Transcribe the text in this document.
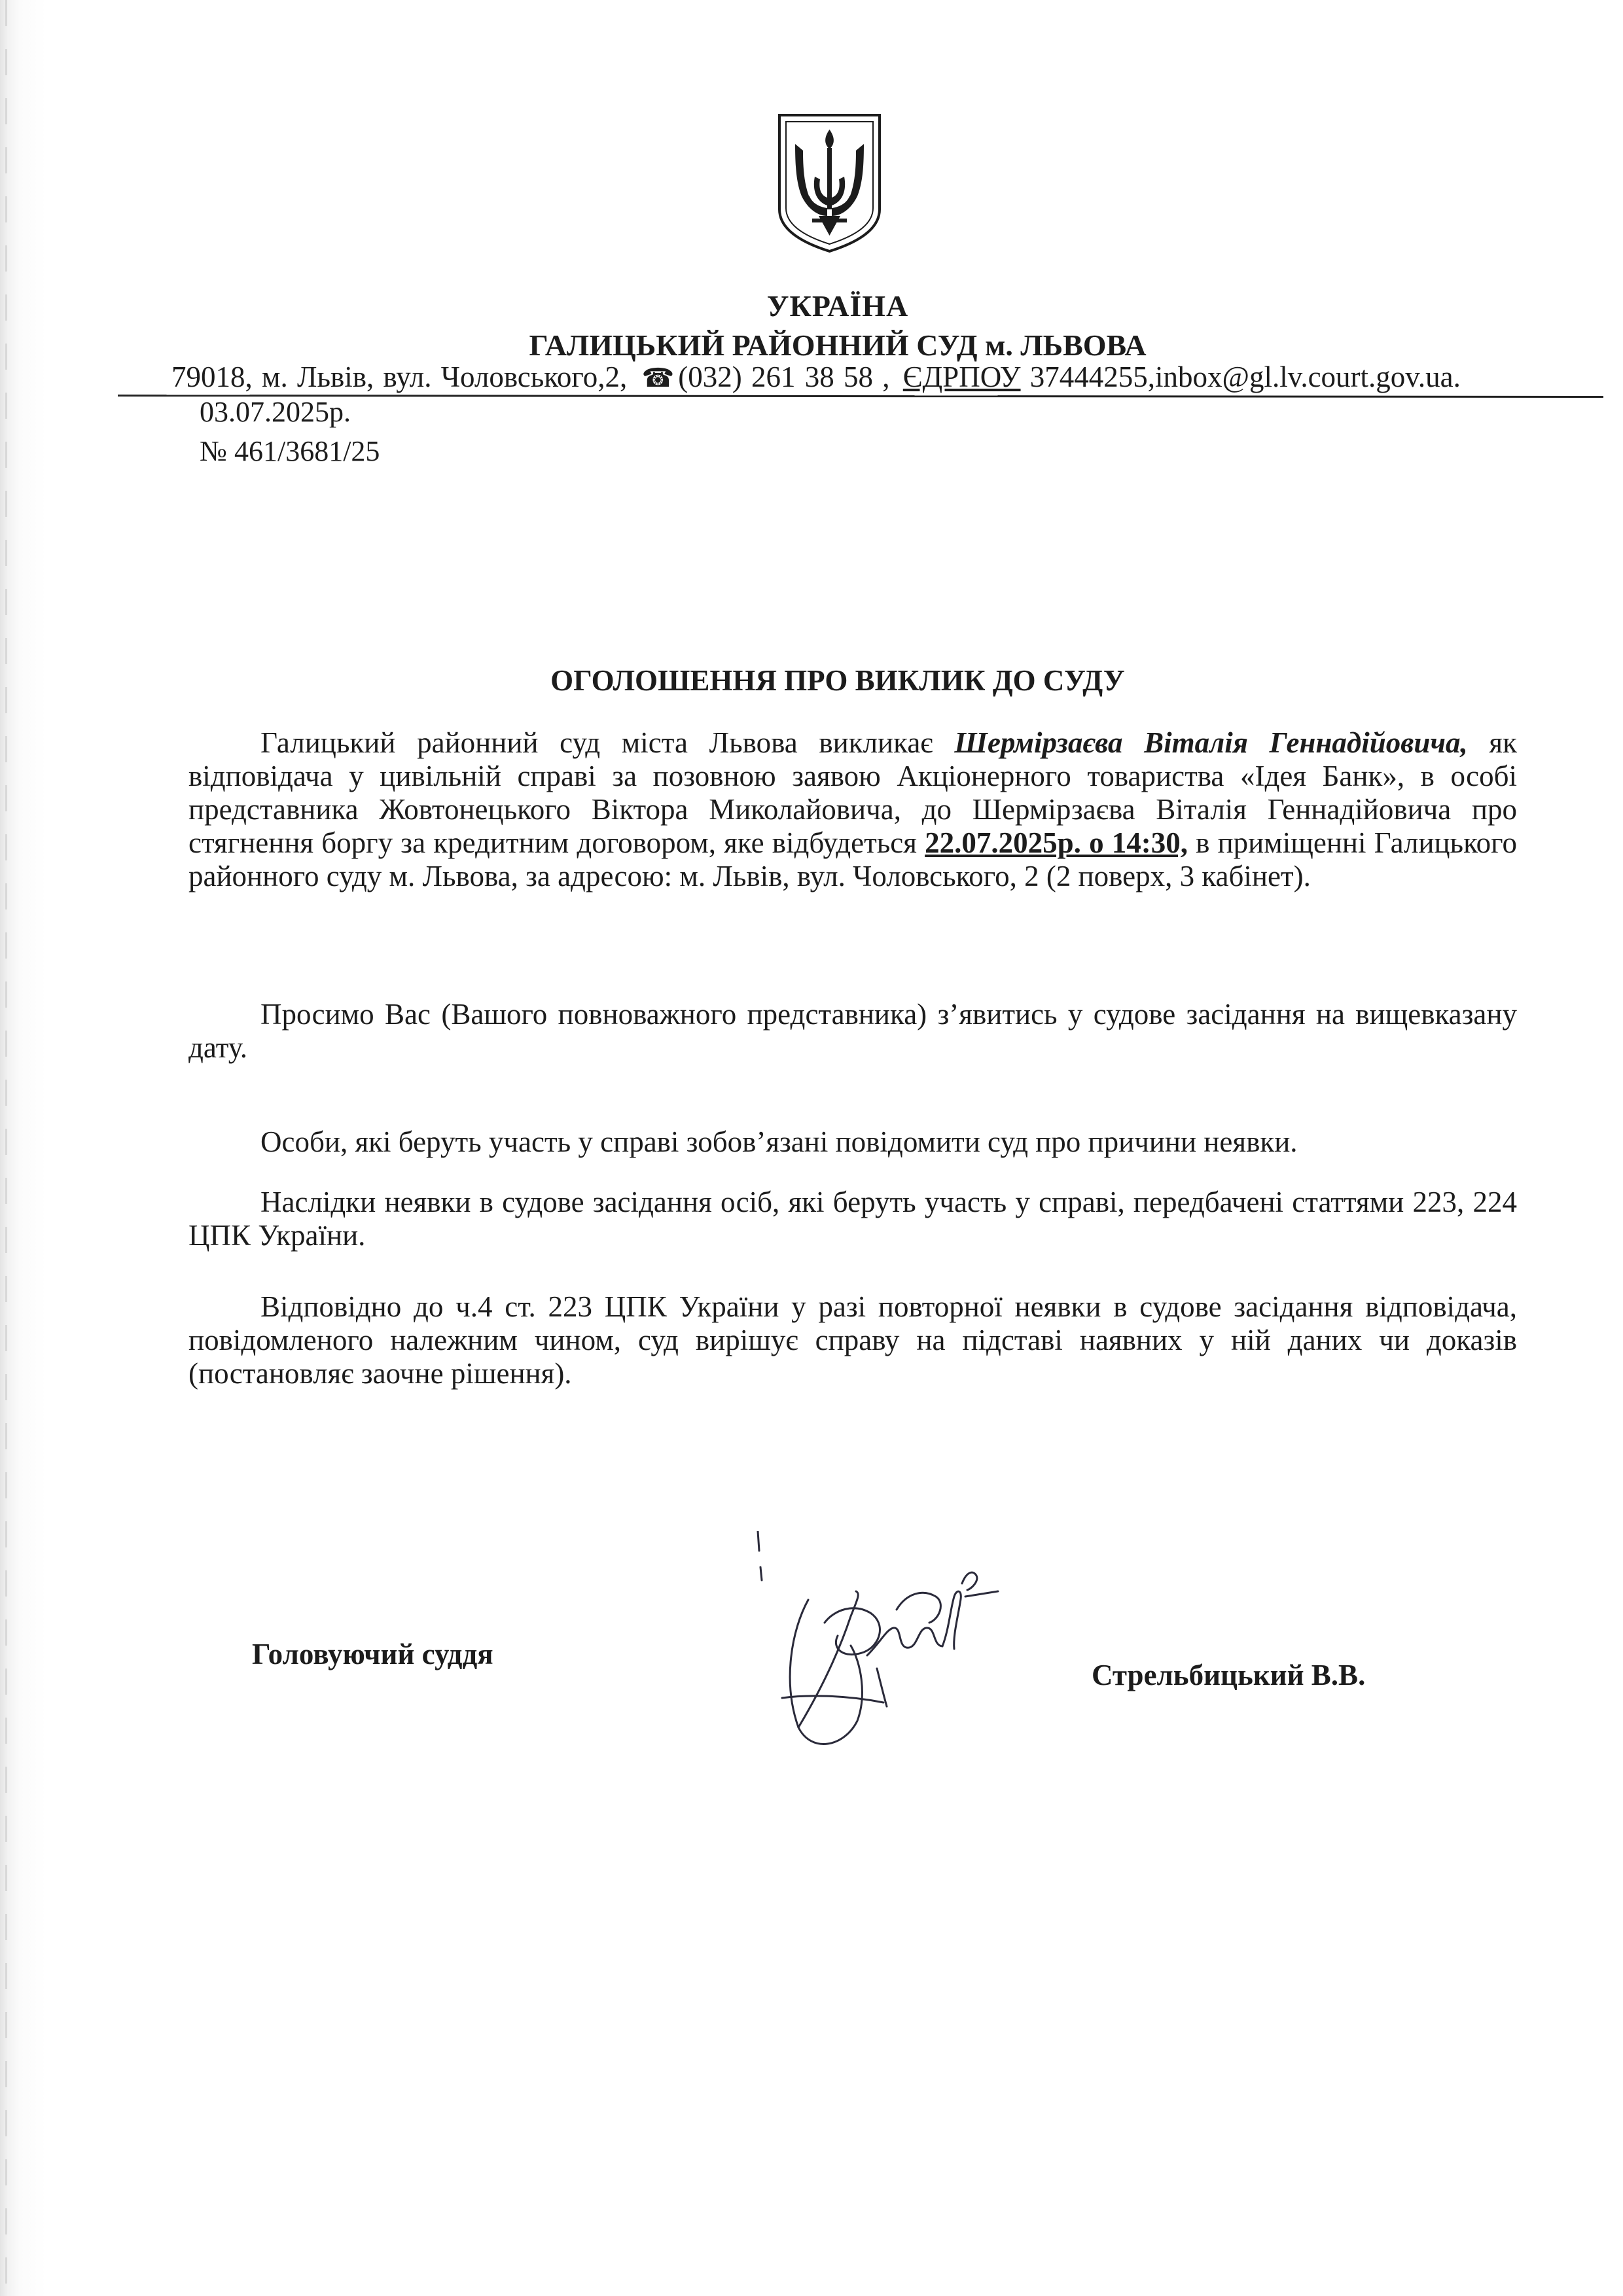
УКРАЇНА
ГАЛИЦЬКИЙ РАЙОННИЙ СУД м. ЛЬВОВА
79018, м. Львів, вул. Чоловського,2, ☎ (032) 261 38 58 , ЄДРПОУ 37444255,inbox@gl.lv.court.gov.ua.
03.07.2025р.
№ 461/3681/25
ОГОЛОШЕННЯ ПРО ВИКЛИК ДО СУДУ

Галицький районний суд міста Львова викликає Шермірзаєва Віталія Геннадійовича, як відповідача у цивільній справі за позовною заявою Акціонерного товариства «Ідея Банк», в особі представника Жовтонецького Віктора Миколайовича, до Шермірзаєва Віталія Геннадійовича про стягнення боргу за кредитним договором, яке відбудеться 22.07.2025р. о 14:30, в приміщенні Галицького районного суду м. Львова, за адресою: м. Львів, вул. Чоловського, 2 (2 поверх, 3 кабінет).

Просимо Вас (Вашого повноважного представника) з’явитись у судове засідання на вищевказану дату.

Особи, які беруть участь у справі зобов’язані повідомити суд про причини неявки.

Наслідки неявки в судове засідання осіб, які беруть участь у справі, передбачені статтями 223, 224 ЦПК України.

Відповідно до ч.4 ст. 223 ЦПК України у разі повторної неявки в судове засідання відповідача, повідомленого належним чином, суд вирішує справу на підставі наявних у ній даних чи доказів (постановляє заочне рішення).

Головуючий суддя
Стрельбицький В.В.
